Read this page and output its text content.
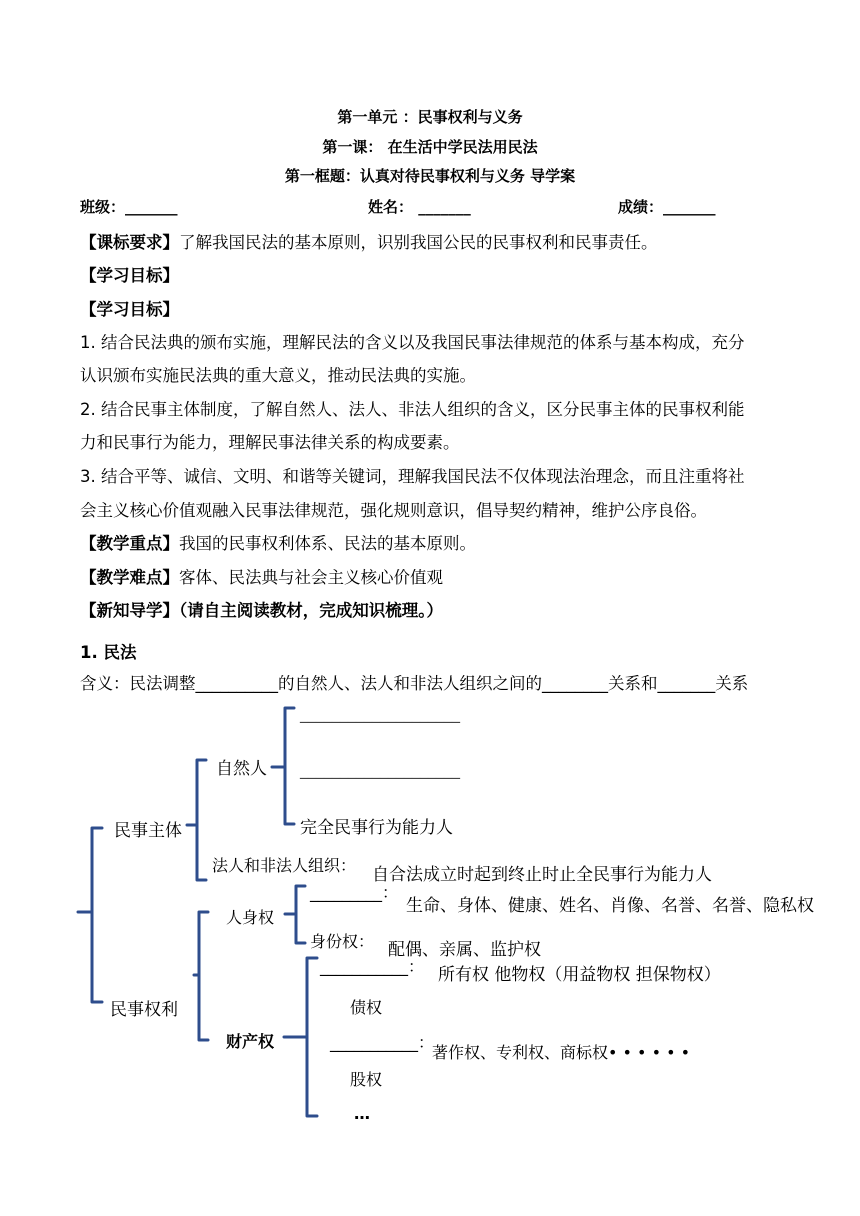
第一单元 ：民事权利与义务
第一课： 在生活中学民法用民法
第一框题：认真对待民事权利与义务 导学案
班级：_______	姓名： _______	成绩：_______
【课标要求】了解我国民法的基本原则，识别我国公民的民事权利和民事责任。
【学习目标】
【学习目标】
1. 结合民法典的颁布实施，理解民法的含义以及我国民事法律规范的体系与基本构成，充分
认识颁布实施民法典的重大意义，推动民法典的实施。
2. 结合民事主体制度，了解自然人、法人、非法人组织的含义，区分民事主体的民事权利能
力和民事行为能力，理解民事法律关系的构成要素。
3. 结合平等、诚信、文明、和谐等关键词，理解我国民法不仅体现法治理念，而且注重将社
会主义核心价值观融入民事法律规范，强化规则意识，倡导契约精神，维护公序良俗。
【教学重点】我国的民事权利体系、民法的基本原则。
【教学难点】客体、民法典与社会主义核心价值观
【新知导学】（请自主阅读教材，完成知识梳理。）
1. 民法
含义：民法调整__________的自然人、法人和非法人组织之间的________关系和_______关系
民事主体
自然人
____________________
____________________
完全民事行为能力人
法人和非法人组织： 自合法成立时起到终止时止全民事行为能力人
民事权利
人身权
_________：
生命、身体、健康、姓名、肖像、名誉、名誉、隐私权
身份权： 配偶、亲属、监护权
财产权
___________： 所有权 他物权（用益物权 担保物权）
债权
___________：
著作权、专利权、商标权• • • • • •
股权
…
